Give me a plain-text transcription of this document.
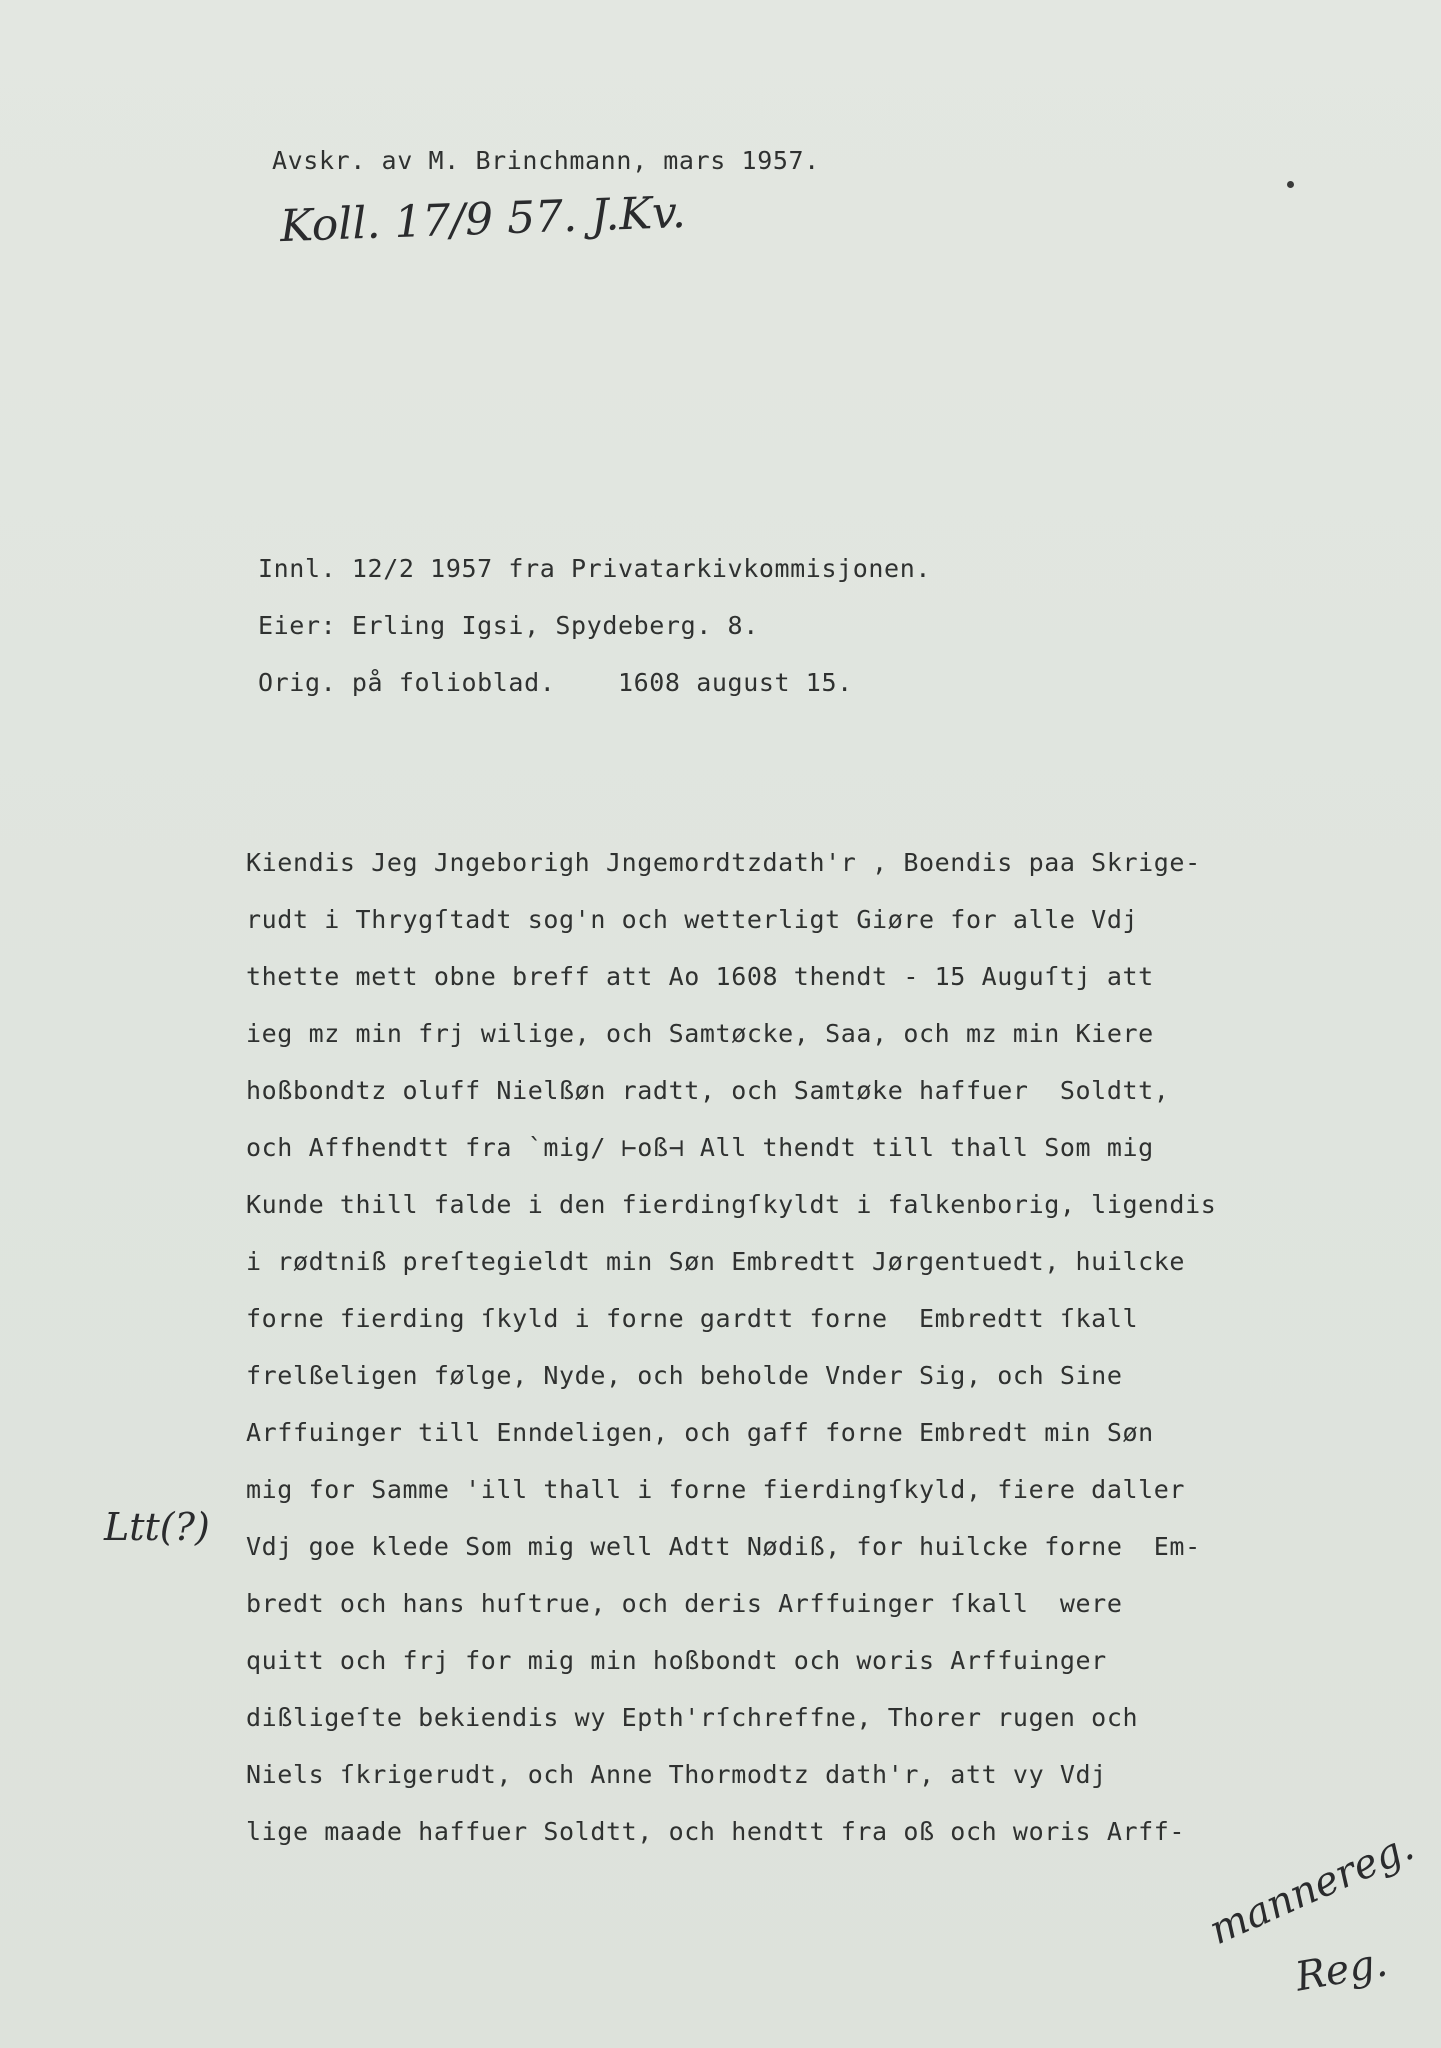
Avskr. av M. Brinchmann, mars 1957.
Koll. 17/9 57. J.Kv.
Innl. 12/2 1957 fra Privatarkivkommisjonen.
Eier: Erling Igsi, Spydeberg. 8.
Orig. på folioblad.    1608 august 15.
Kiendis Jeg Jngeborigh Jngemordtzdath'r , Boendis paa Skrige-
rudt i Thrygſtadt sog'n och wetterligt Giøre for alle Vdj
thette mett obne breff att Ao 1608 thendt - 15 Auguſtj att
ieg mz min frj wilige, och Samtøcke, Saa, och mz min Kiere
hoßbondtz oluff Nielßøn radtt, och Samtøke haffuer  Soldtt,
och Affhendtt fra `mig/ ⊢oß⊣ All thendt till thall Som mig
Kunde thill falde i den fierdingſkyldt i falkenborig, ligendis
i rødtniß preſtegieldt min Søn Embredtt Jørgentuedt, huilcke
forne fierding ſkyld i forne gardtt forne  Embredtt ſkall
frelßeligen følge, Nyde, och beholde Vnder Sig, och Sine
Arffuinger till Enndeligen, och gaff forne Embredt min Søn
mig for Samme 'ill thall i forne fierdingſkyld, fiere daller
Vdj goe klede Som mig well Adtt Nødiß, for huilcke forne  Em-
bredt och hans huſtrue, och deris Arffuinger ſkall  were
quitt och frj for mig min hoßbondt och woris Arffuinger
dißligeſte bekiendis wy Epth'rſchreffne, Thorer rugen och
Niels ſkrigerudt, och Anne Thormodtz dath'r, att vy Vdj
lige maade haffuer Soldtt, och hendtt fra oß och woris Arff-
Ltt(?)
mannereg.
Reg.
